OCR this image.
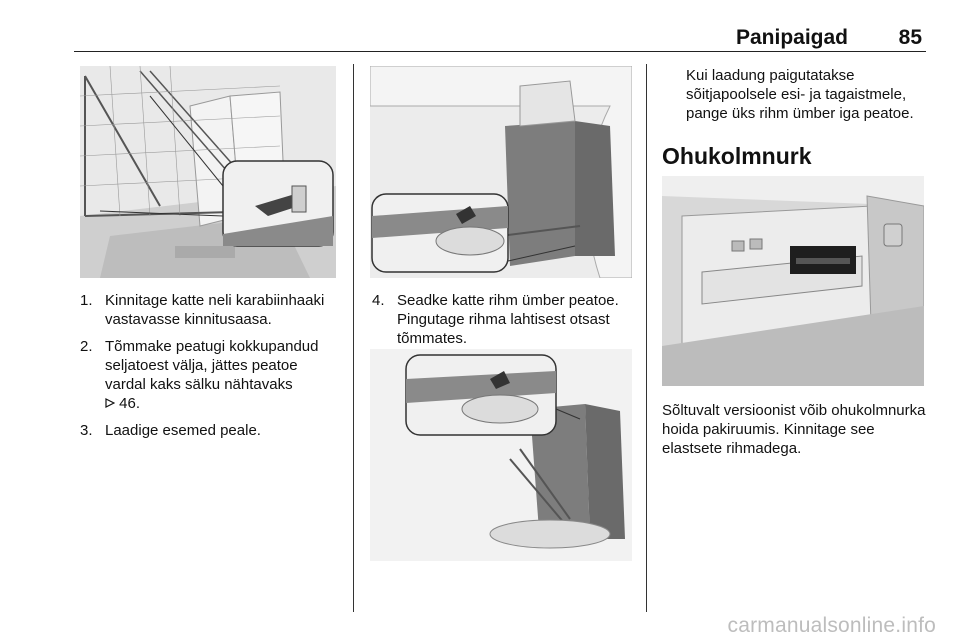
Panipaigad 85
1. Kinnitage katte neli karabiinhaaki vastavasse kinnitusaasa.
2. Tõmmake peatugi kokkupandud seljatoest välja, jättes peatoe vardal kaks sälku nähtavaks
46.
3. Laadige esemed peale.
4. Seadke katte rihm ümber peatoe. Pingutage rihma lahtisest otsast tõmmates.

Kui laadung paigutatakse sõitjapoolsele esi- ja tagaistmele, pange üks rihm ümber iga peatoe.

Ohukolmnurk

Sõltuvalt versioonist võib ohukolmnurka hoida pakiruumis. Kinnitage see elastsete rihmadega.

carmanualsonline.info
